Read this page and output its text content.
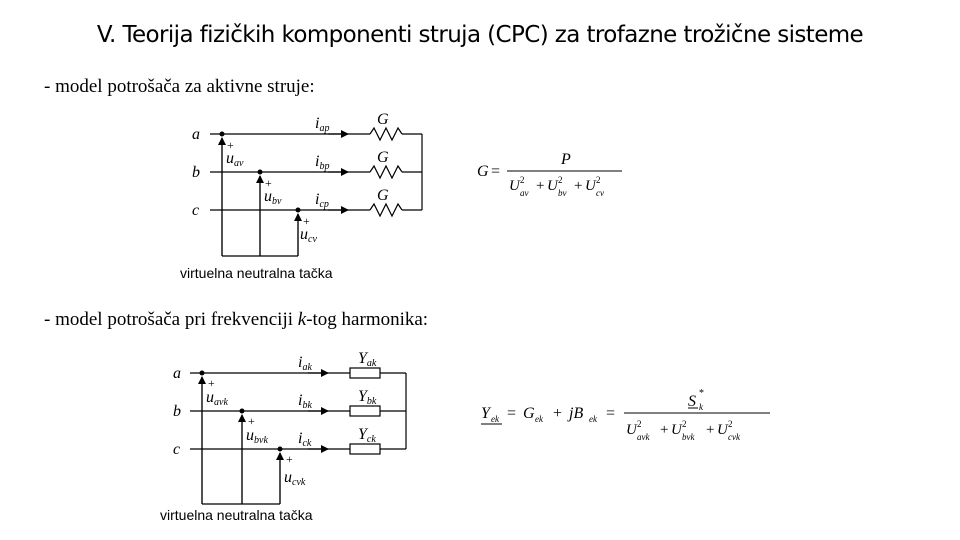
V. Teorija fizičkih komponenti struja (CPC) za trofazne trožične sisteme
- model potrošača za aktivne struje:
- model potrošača pri frekvenciji k-tog harmonika:
a
b
c
+
+
+
iap
ibp
icp
G
G
G
uav
ubv
ucv
virtuelna neutralna tačka
G =
P
U 2
av + U 2
bv + U 2
cv
a
b
c
+
+
+
iak
ibk
ick
Yak
Ybk
Yck
uavk
ubvk
ucvk
virtuelna neutralna tačka
Y ek = G ek + jB ek =
S k
*
U 2
avk + U 2
bvk + U 2
cvk
